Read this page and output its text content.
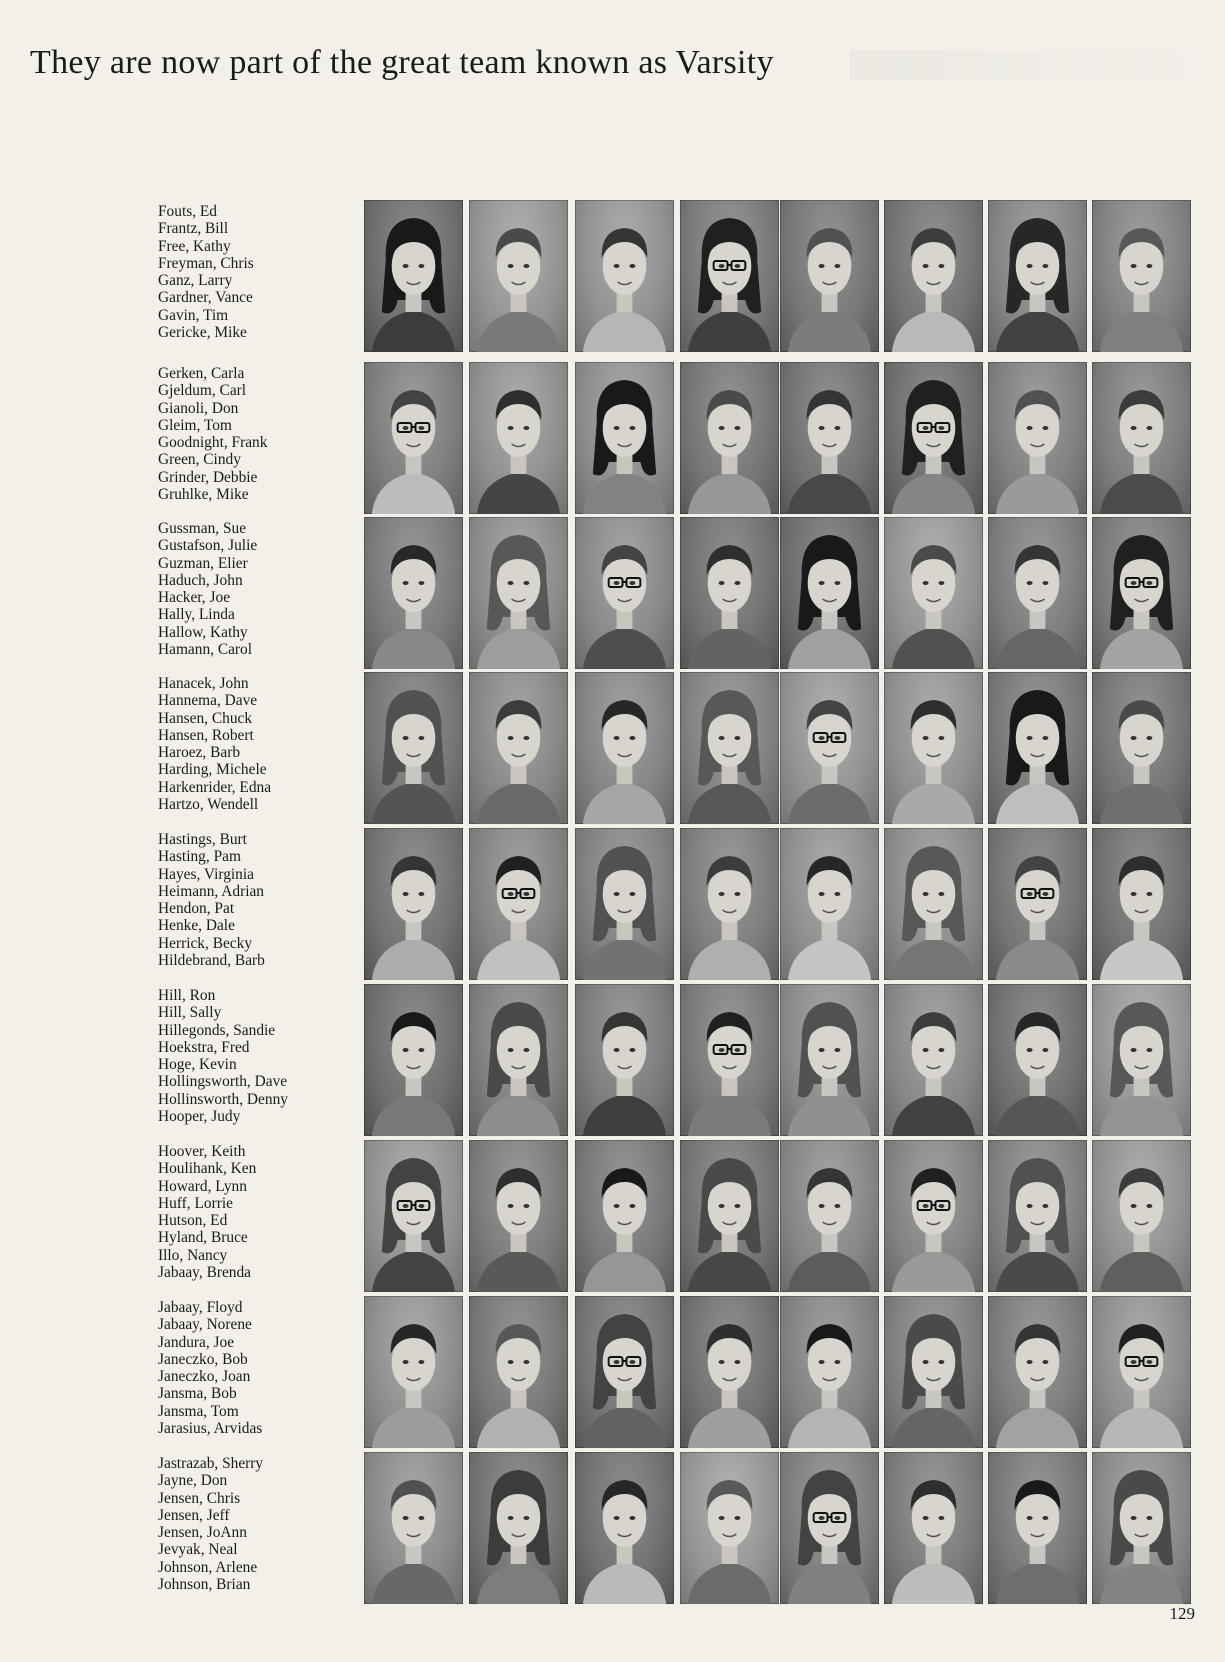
They are now part of the great team known as Varsity
Fouts, Ed
Frantz, Bill
Free, Kathy
Freyman, Chris
Ganz, Larry
Gardner, Vance
Gavin, Tim
Gericke, Mike
Gerken, Carla
Gjeldum, Carl
Gianoli, Don
Gleim, Tom
Goodnight, Frank
Green, Cindy
Grinder, Debbie
Gruhlke, Mike
Gussman, Sue
Gustafson, Julie
Guzman, Elier
Haduch, John
Hacker, Joe
Hally, Linda
Hallow, Kathy
Hamann, Carol
Hanacek, John
Hannema, Dave
Hansen, Chuck
Hansen, Robert
Haroez, Barb
Harding, Michele
Harkenrider, Edna
Hartzo, Wendell
Hastings, Burt
Hasting, Pam
Hayes, Virginia
Heimann, Adrian
Hendon, Pat
Henke, Dale
Herrick, Becky
Hildebrand, Barb
Hill, Ron
Hill, Sally
Hillegonds, Sandie
Hoekstra, Fred
Hoge, Kevin
Hollingsworth, Dave
Hollinsworth, Denny
Hooper, Judy
Hoover, Keith
Houlihank, Ken
Howard, Lynn
Huff, Lorrie
Hutson, Ed
Hyland, Bruce
Illo, Nancy
Jabaay, Brenda
Jabaay, Floyd
Jabaay, Norene
Jandura, Joe
Janeczko, Bob
Janeczko, Joan
Jansma, Bob
Jansma, Tom
Jarasius, Arvidas
Jastrazab, Sherry
Jayne, Don
Jensen, Chris
Jensen, Jeff
Jensen, JoAnn
Jevyak, Neal
Johnson, Arlene
Johnson, Brian
129
